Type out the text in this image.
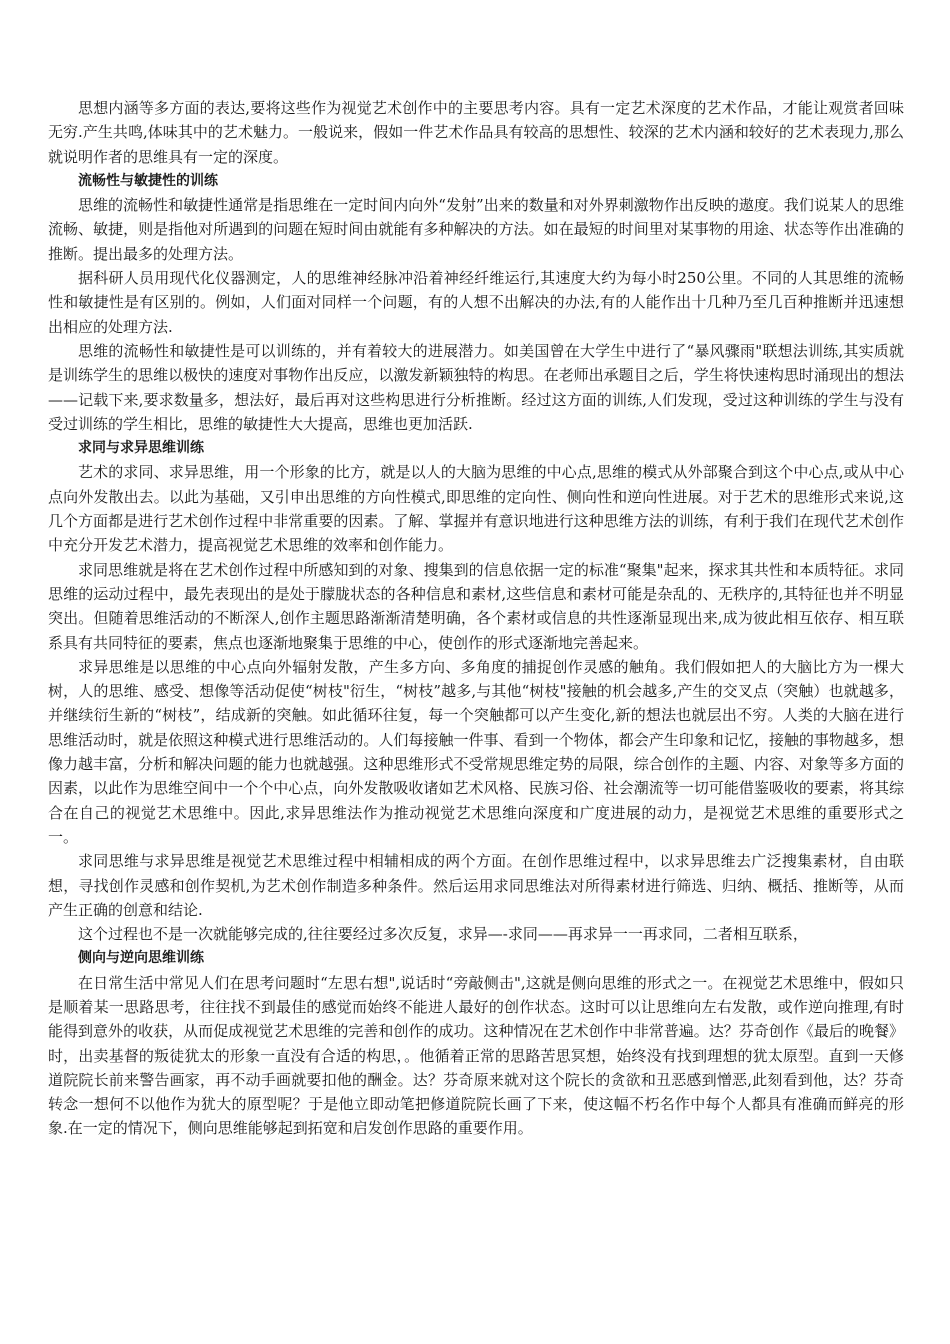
思想内涵等多方面的表达,要将这些作为视觉艺术创作中的主要思考内容。具有一定艺术深度的艺术作品，才能让观赏者回味无穷.产生共鸣,体味其中的艺术魅力。一般说来，假如一件艺术作品具有较高的思想性、较深的艺术内涵和较好的艺术表现力,那么就说明作者的思维具有一定的深度。

流畅性与敏捷性的训练

思维的流畅性和敏捷性通常是指思维在一定时间内向外“发射”出来的数量和对外界刺激物作出反映的遨度。我们说某人的思维流畅、敏捷，则是指他对所遇到的问题在短时间由就能有多种解决的方法。如在最短的时间里对某事物的用途、状态等作出准确的推断。提出最多的处理方法。

据科研人员用现代化仪器测定，人的思维神经脉冲沿着神经纤维运行,其速度大约为每小时250公里。不同的人其思维的流畅性和敏捷性是有区别的。例如，人们面对同样一个问题，有的人想不出解决的办法,有的人能作出十几种乃至几百种推断并迅速想出相应的处理方法.

思维的流畅性和敏捷性是可以训练的，并有着较大的进展潜力。如美国曾在大学生中进行了“暴风骤雨"联想法训练,其实质就是训练学生的思维以极快的速度对事物作出反应，以激发新颖独特的构思。在老师出承题目之后，学生将快速构思时涌现出的想法——记载下来,要求数量多，想法好，最后再对这些构思进行分析推断。经过这方面的训练,人们发现，受过这种训练的学生与没有受过训练的学生相比，思维的敏捷性大大提高，思维也更加活跃.

求同与求异思维训练

艺术的求同、求异思维，用一个形象的比方，就是以人的大脑为思维的中心点,思维的模式从外部聚合到这个中心点,或从中心点向外发散出去。以此为基础，又引申出思维的方向性模式,即思维的定向性、侧向性和逆向性进展。对于艺术的思维形式来说,这几个方面都是进行艺术创作过程中非常重要的因素。了解、掌握并有意识地进行这种思维方法的训练，有利于我们在现代艺术创作中充分开发艺术潜力，提高视觉艺术思维的效率和创作能力。

求同思维就是将在艺术创作过程中所感知到的对象、搜集到的信息依据一定的标准“聚集"起来，探求其共性和本质特征。求同思维的运动过程中，最先表现出的是处于朦胧状态的各种信息和素材,这些信息和素材可能是杂乱的、无秩序的,其特征也并不明显突出。但随着思维活动的不断深人,创作主题思路渐渐清楚明确，各个素材或信息的共性逐渐显现出来,成为彼此相互依存、相互联系具有共同特征的要素，焦点也逐渐地聚集于思维的中心，使创作的形式逐渐地完善起来。

求异思维是以思维的中心点向外辐射发散，产生多方向、多角度的捕捉创作灵感的触角。我们假如把人的大脑比方为一棵大树，人的思维、感受、想像等活动促使“树枝"衍生，“树枝”越多,与其他“树枝"接触的机会越多,产生的交叉点（突触）也就越多，并继续衍生新的“树枝”，结成新的突触。如此循环往复，每一个突触都可以产生变化,新的想法也就层出不穷。人类的大脑在进行思维活动时，就是依照这种模式进行思维活动的。人们每接触一件事、看到一个物体，都会产生印象和记忆，接触的事物越多，想像力越丰富，分析和解决问题的能力也就越强。这种思维形式不受常规思维定势的局限，综合创作的主题、内容、对象等多方面的因素，以此作为思维空间中一个个中心点，向外发散吸收诸如艺术风格、民族习俗、社会潮流等一切可能借鉴吸收的要素，将其综合在自己的视觉艺术思维中。因此,求异思维法作为推动视觉艺术思维向深度和广度进展的动力，是视觉艺术思维的重要形式之一。

求同思维与求异思维是视觉艺术思维过程中相辅相成的两个方面。在创作思维过程中，以求异思维去广泛搜集素材，自由联想，寻找创作灵感和创作契机,为艺术创作制造多种条件。然后运用求同思维法对所得素材进行筛选、归纳、概括、推断等，从而产生正确的创意和结论.

这个过程也不是一次就能够完成的,往往要经过多次反复，求异—-求同——再求异一一再求同，二者相互联系，

侧向与逆向思维训练

在日常生活中常见人们在思考问题时“左思右想",说话时“旁敲侧击",这就是侧向思维的形式之一。在视觉艺术思维中，假如只是顺着某一思路思考，往往找不到最佳的感觉而始终不能进人最好的创作状态。这时可以让思维向左右发散，或作逆向推理,有时能得到意外的收获，从而促成视觉艺术思维的完善和创作的成功。这种情况在艺术创作中非常普遍。达？芬奇创作《最后的晚餐》时，出卖基督的叛徒犹太的形象一直没有合适的构思，。他循着正常的思路苦思冥想，始终没有找到理想的犹太原型。直到一天修道院院长前来警告画家，再不动手画就要扣他的酬金。达？芬奇原来就对这个院长的贪欲和丑恶感到憎恶,此刻看到他，达？芬奇转念一想何不以他作为犹大的原型呢？于是他立即动笔把修道院院长画了下来，使这幅不朽名作中每个人都具有准确而鲜亮的形象.在一定的情况下，侧向思维能够起到拓宽和启发创作思路的重要作用。
